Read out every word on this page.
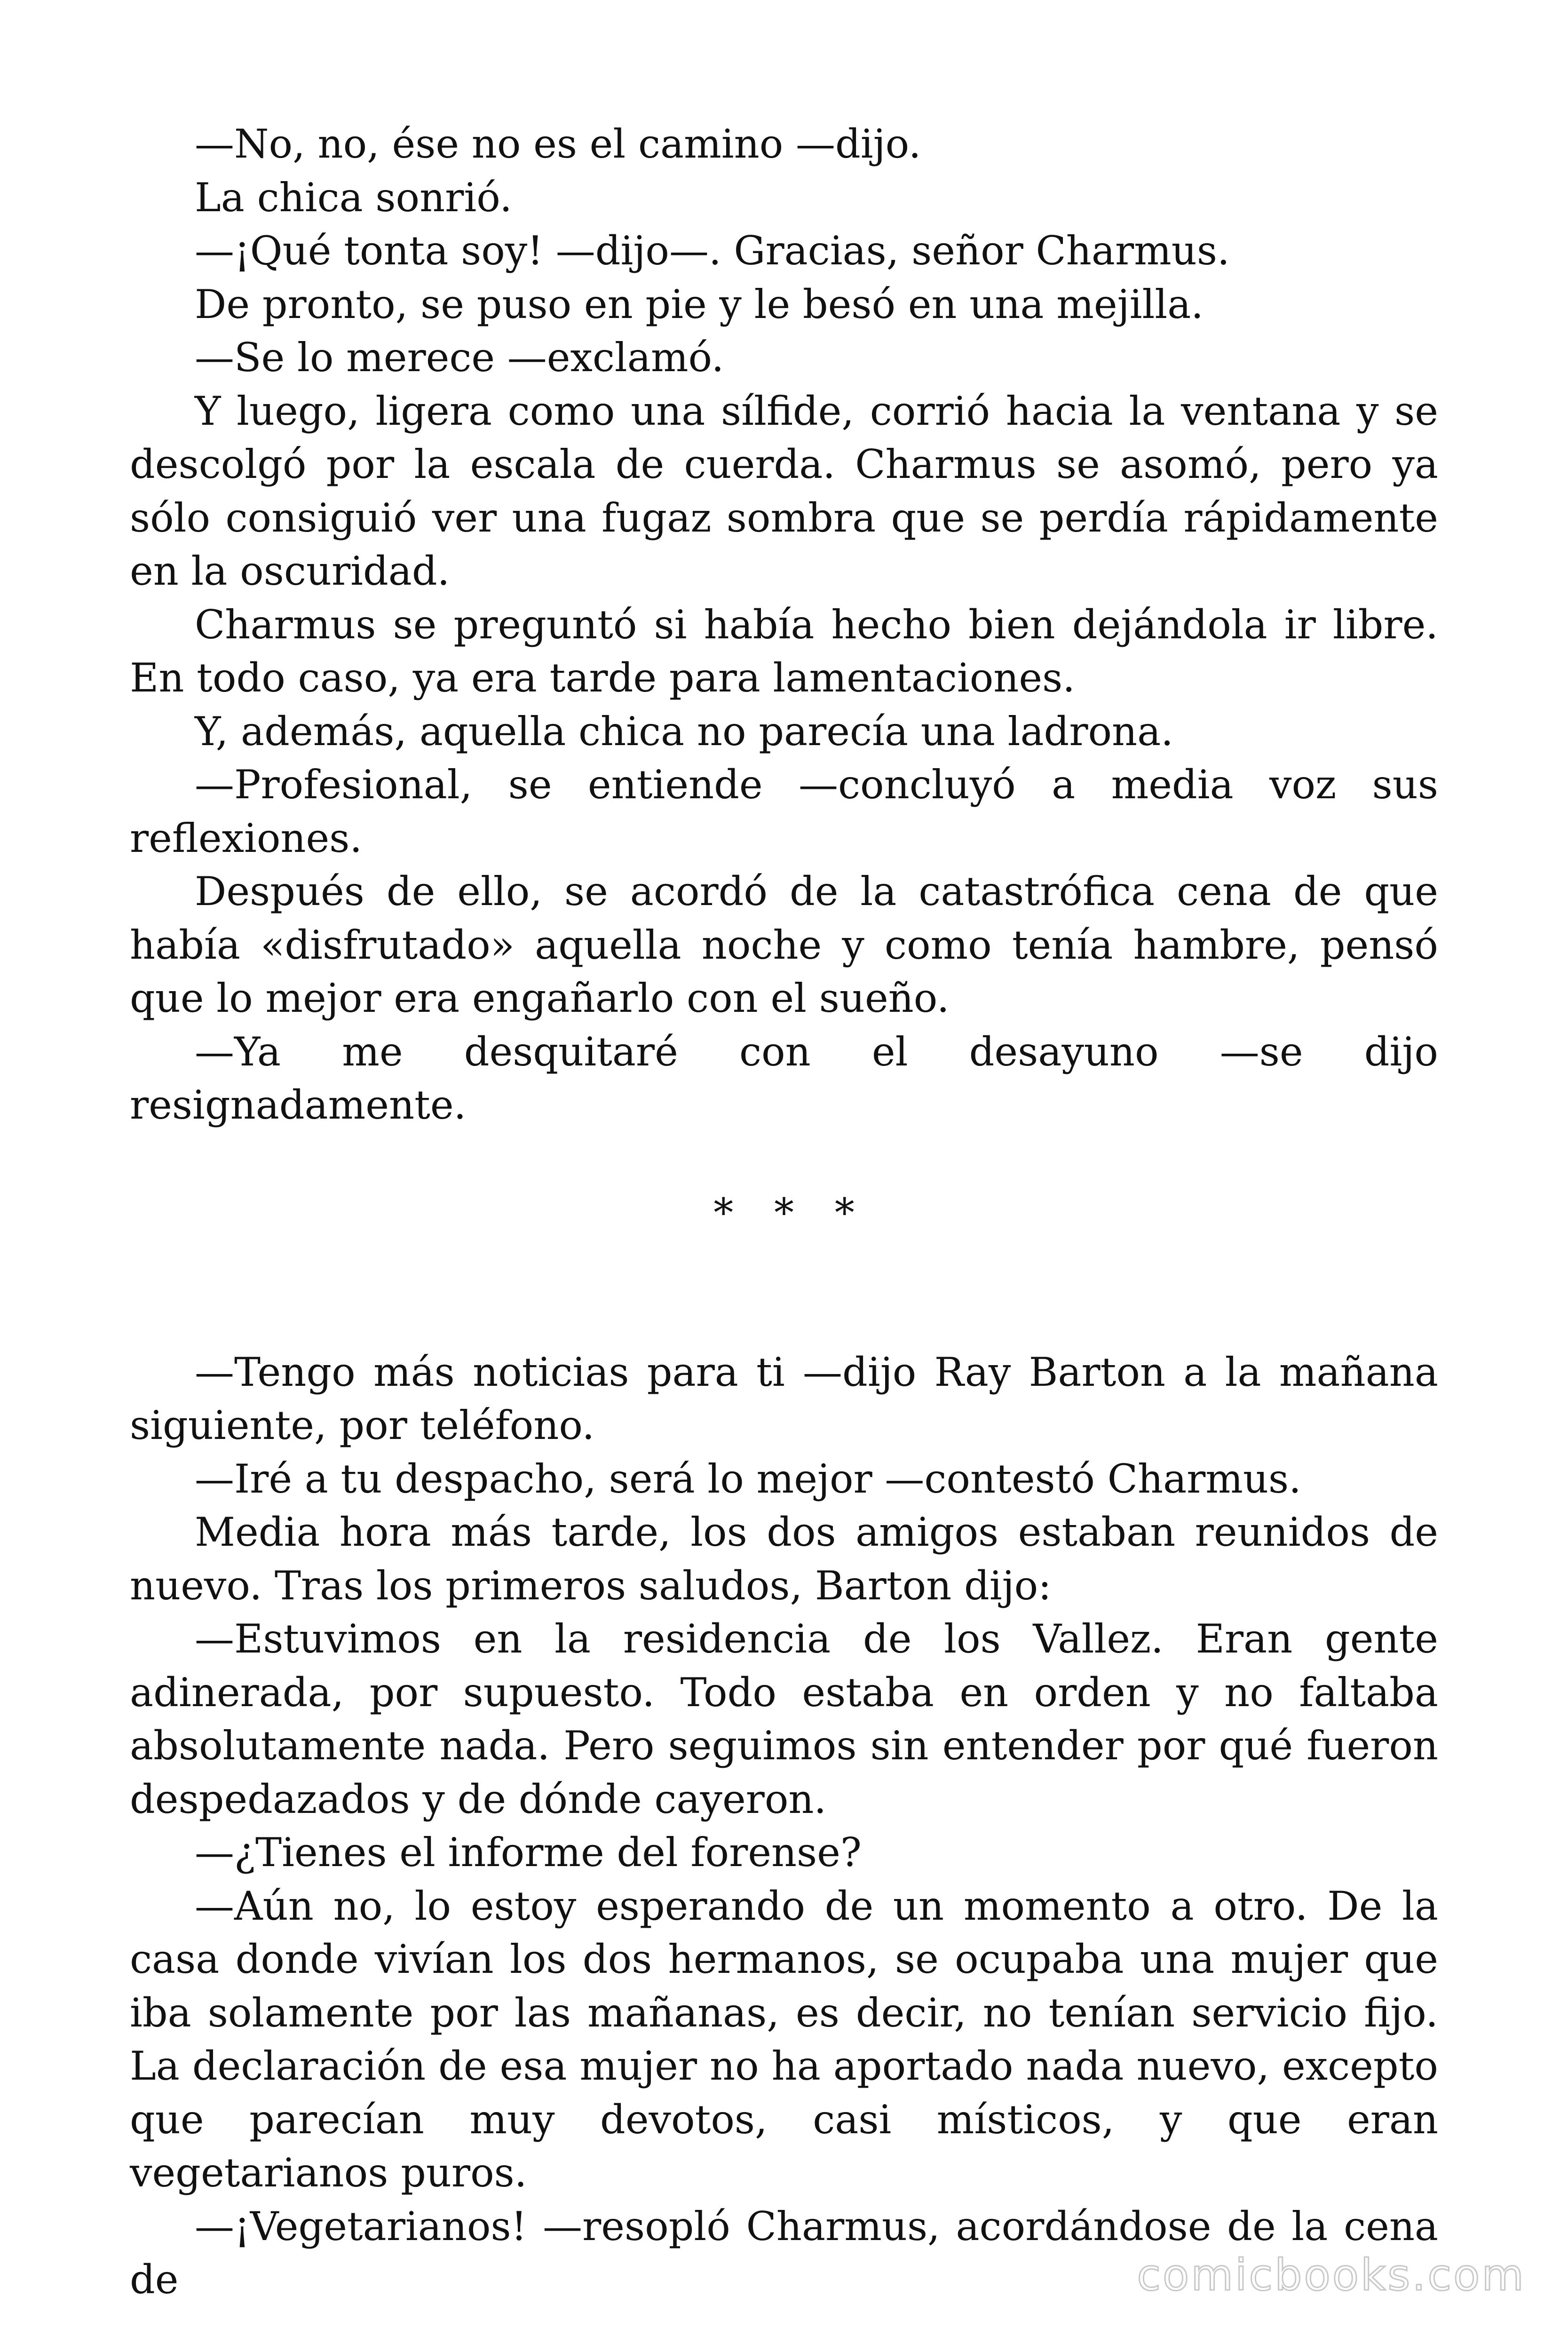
—No, no, ése no es el camino —dijo.

La chica sonrió.

—¡Qué tonta soy! —dijo—. Gracias, señor Charmus.

De pronto, se puso en pie y le besó en una mejilla.

—Se lo merece —exclamó.

Y luego, ligera como una sílfide, corrió hacia la ventana y se descolgó por la escala de cuerda. Charmus se asomó, pero ya sólo consiguió ver una fugaz sombra que se perdía rápidamente en la oscuridad.

Charmus se preguntó si había hecho bien dejándola ir libre. En todo caso, ya era tarde para lamentaciones.

Y, además, aquella chica no parecía una ladrona.

—Profesional, se entiende —concluyó a media voz sus reflexiones.

Después de ello, se acordó de la catastrófica cena de que había «disfrutado» aquella noche y como tenía hambre, pensó que lo mejor era engañarlo con el sueño.

—Ya me desquitaré con el desayuno —se dijo resignadamente.

* * *

—Tengo más noticias para ti —dijo Ray Barton a la mañana siguiente, por teléfono.

—Iré a tu despacho, será lo mejor —contestó Charmus.

Media hora más tarde, los dos amigos estaban reunidos de nuevo. Tras los primeros saludos, Barton dijo:

—Estuvimos en la residencia de los Vallez. Eran gente adinerada, por supuesto. Todo estaba en orden y no faltaba absolutamente nada. Pero seguimos sin entender por qué fueron despedazados y de dónde cayeron.

—¿Tienes el informe del forense?

—Aún no, lo estoy esperando de un momento a otro. De la casa donde vivían los dos hermanos, se ocupaba una mujer que iba solamente por las mañanas, es decir, no tenían servicio fijo. La declaración de esa mujer no ha aportado nada nuevo, excepto que parecían muy devotos, casi místicos, y que eran vegetarianos puros.

—¡Vegetarianos! —resopló Charmus, acordándose de la cena de	comicbooks.com
